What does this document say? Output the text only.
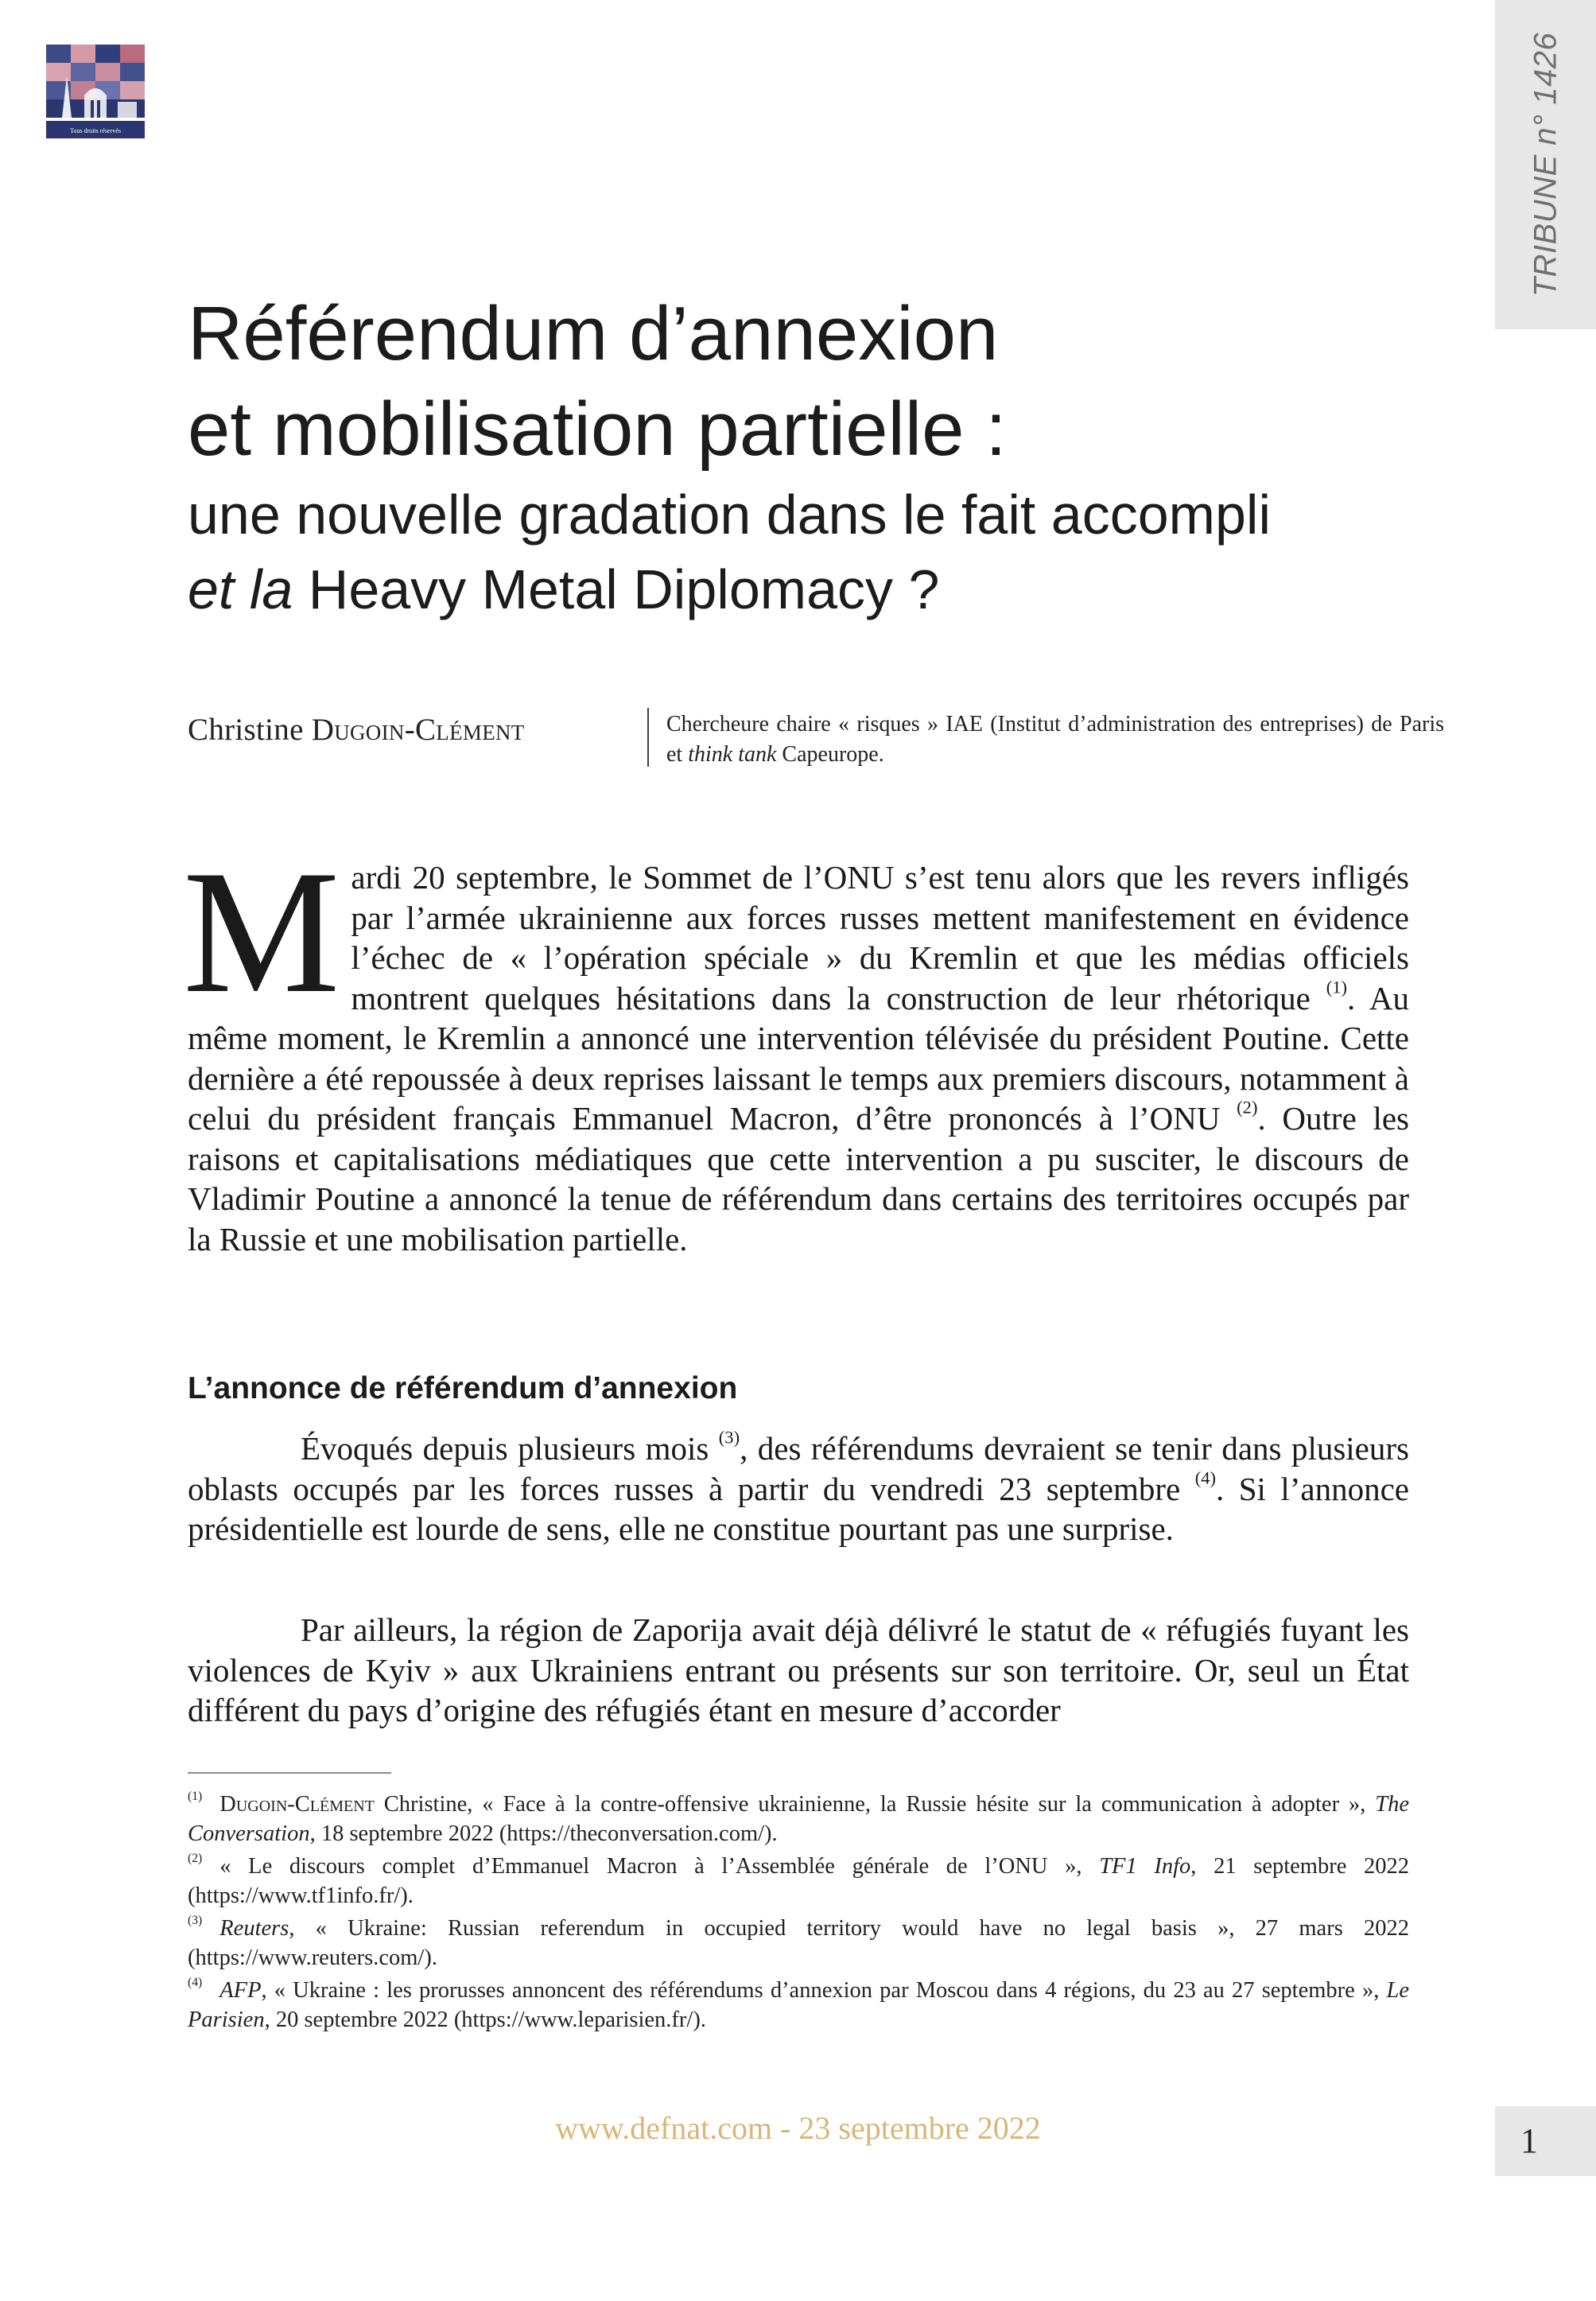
Tous droits réservés	TRIBUNE n° 1426
Référendum d’annexion
et mobilisation partielle :
une nouvelle gradation dans le fait accompli
et la Heavy Metal Diplomacy ?
Christine Dugoin-Clément	Chercheure chaire « risques » IAE (Institut d’administration des entreprises) de Paris et think tank Capeurope.
Mardi 20 septembre, le Sommet de l’ONU s’est tenu alors que les revers infligés par l’armée ukrainienne aux forces russes mettent manifestement en évidence l’échec de « l’opération spéciale » du Kremlin et que les médias officiels montrent quelques hésitations dans la construction de leur rhétorique $^{(1)}$. Au même moment, le Kremlin a annoncé une intervention télévisée du président Poutine. Cette dernière a été repoussée à deux reprises laissant le temps aux premiers discours, notamment à celui du président français Emmanuel Macron, d’être prononcés à l’ONU $^{(2)}$. Outre les raisons et capitalisations médiatiques que cette intervention a pu susciter, le discours de Vladimir Poutine a annoncé la tenue de référendum dans certains des territoires occupés par la Russie et une mobilisation partielle.
L’annonce de référendum d’annexion
Évoqués depuis plusieurs mois $^{(3)}$, des référendums devraient se tenir dans plusieurs oblasts occupés par les forces russes à partir du vendredi 23 septembre $^{(4)}$. Si l’annonce présidentielle est lourde de sens, elle ne constitue pourtant pas une surprise.
Par ailleurs, la région de Zaporija avait déjà délivré le statut de « réfugiés fuyant les violences de Kyiv » aux Ukrainiens entrant ou présents sur son territoire. Or, seul un État différent du pays d’origine des réfugiés étant en mesure d’accorder
$^{(1)}$ Dugoin-Clément Christine, « Face à la contre-offensive ukrainienne, la Russie hésite sur la communication à adopter », The Conversation, 18 septembre 2022 (https://theconversation.com/).
$^{(2)}$ « Le discours complet d’Emmanuel Macron à l’Assemblée générale de l’ONU », TF1 Info, 21 septembre 2022 (https://www.tf1info.fr/).
$^{(3)}$ Reuters, « Ukraine: Russian referendum in occupied territory would have no legal basis », 27 mars 2022 (https://www.reuters.com/).
$^{(4)}$ AFP, « Ukraine : les prorusses annoncent des référendums d’annexion par Moscou dans 4 régions, du 23 au 27 septembre », Le Parisien, 20 septembre 2022 (https://www.leparisien.fr/).
www.defnat.com - 23 septembre 2022	1
